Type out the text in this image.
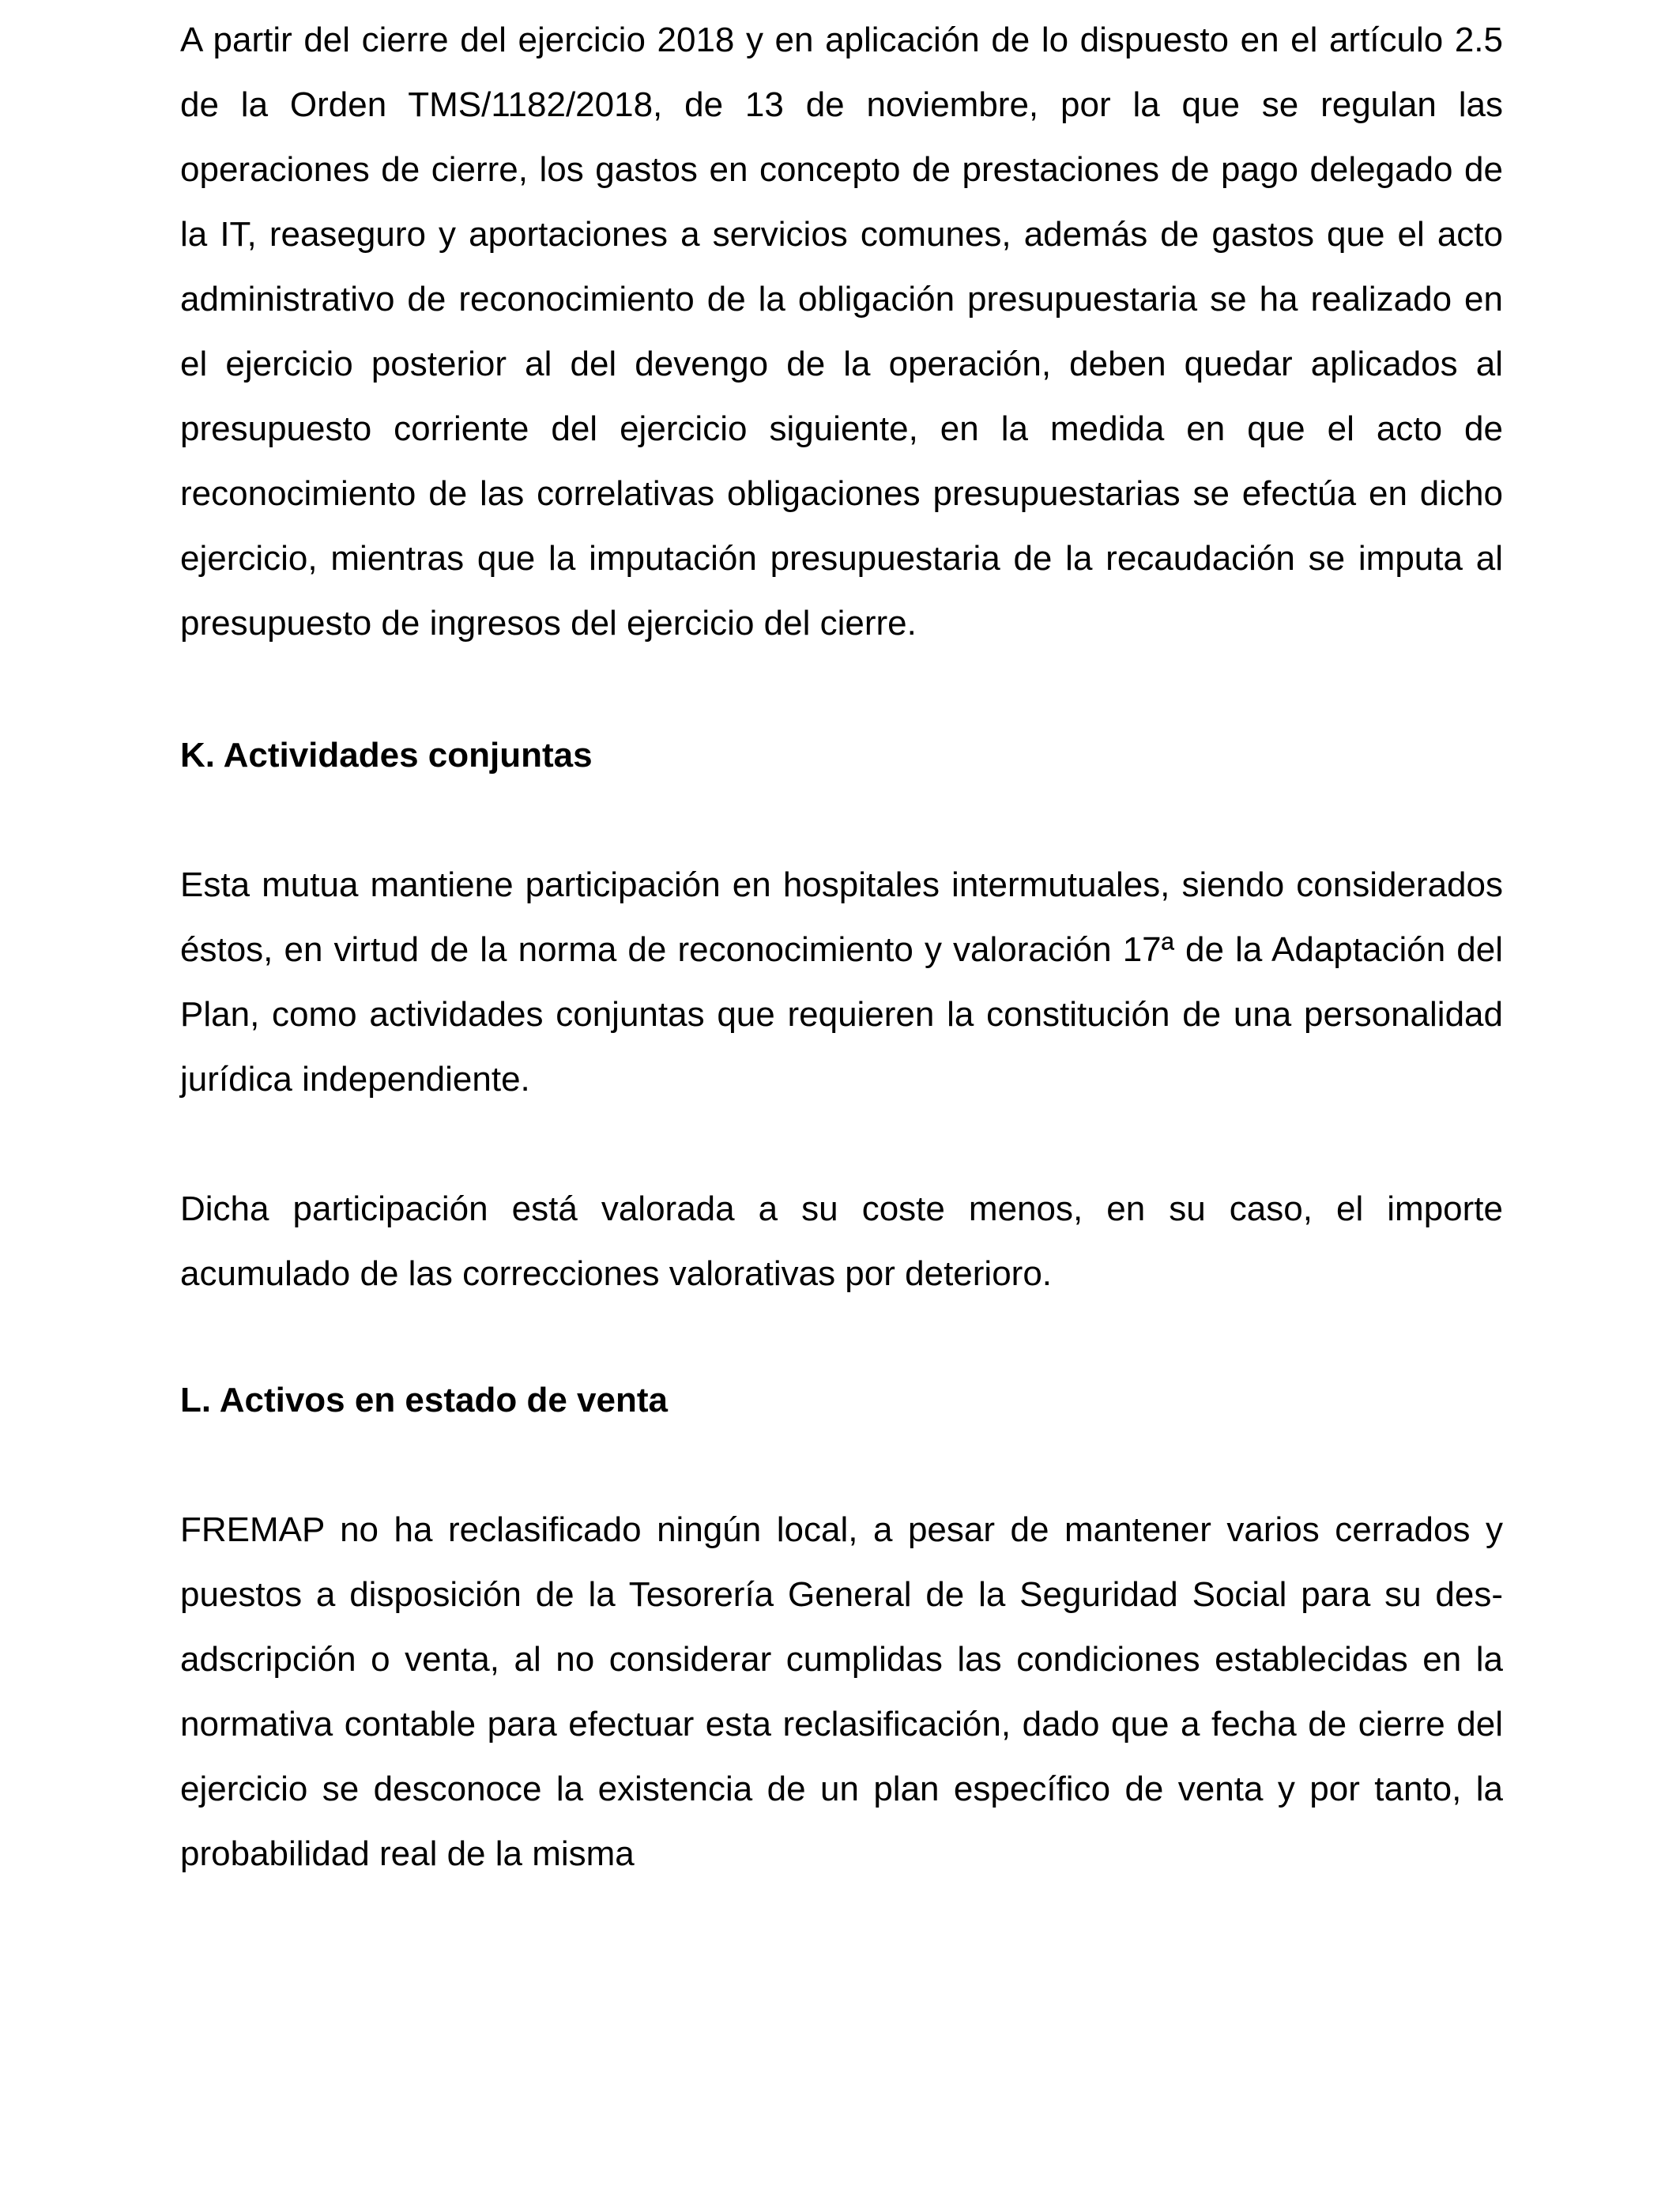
A partir del cierre del ejercicio 2018 y en aplicación de lo dispuesto en el artículo 2.5 de la Orden TMS/1182/2018, de 13 de noviembre, por la que se regulan las operaciones de cierre, los gastos en concepto de prestaciones de pago delegado de la IT, reaseguro y aportaciones a servicios comunes, además de gastos que el acto administrativo de reconocimiento de la obligación presupuestaria se ha realizado en el ejercicio posterior al del devengo de la operación, deben quedar aplicados al presupuesto corriente del ejercicio siguiente, en la medida en que el acto de reconocimiento de las correlativas obligaciones presupuestarias se efectúa en dicho ejercicio, mientras que la imputación presupuestaria de la recaudación se imputa al presupuesto de ingresos del ejercicio del cierre.

K. Actividades conjuntas

Esta mutua mantiene participación en hospitales intermutuales, siendo considerados éstos, en virtud de la norma de reconocimiento y valoración 17ª de la Adaptación del Plan, como actividades conjuntas que requieren la constitución de una personalidad jurídica independiente.

Dicha participación está valorada a su coste menos, en su caso, el importe acumulado de las correcciones valorativas por deterioro.

L. Activos en estado de venta

FREMAP no ha reclasificado ningún local, a pesar de mantener varios cerrados y puestos a disposición de la Tesorería General de la Seguridad Social para su des-adscripción o venta, al no considerar cumplidas las condiciones establecidas en la normativa contable para efectuar esta reclasificación, dado que a fecha de cierre del ejercicio se desconoce la existencia de un plan específico de venta y por tanto, la probabilidad real de la misma
